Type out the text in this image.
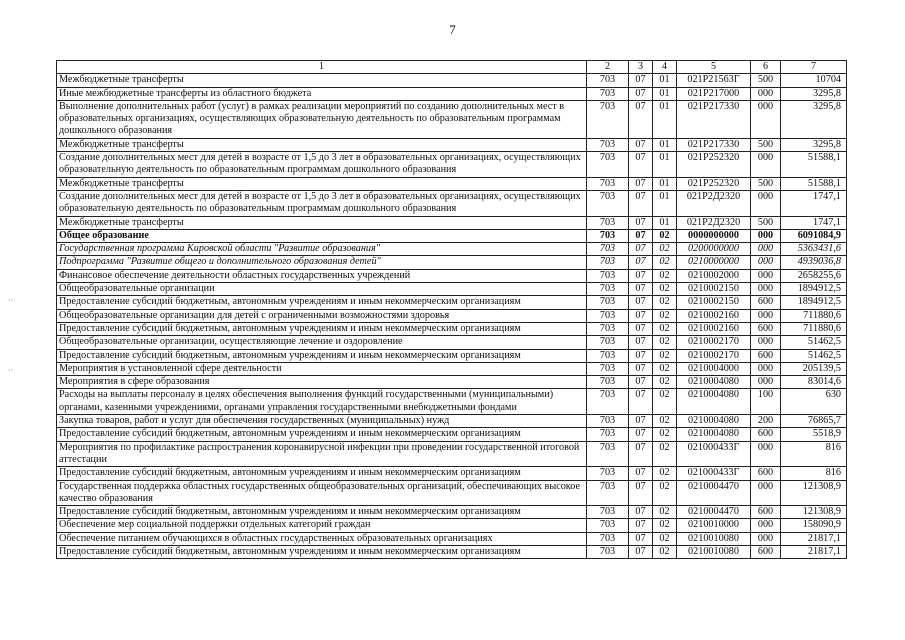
7
··
··
1	2	3	4	5	6	7
Межбюджетные трансферты	703	07	01	021P21563Г	500	10704
Иные межбюджетные трансферты из областного бюджета	703	07	01	021P217000	000	3295,8
Выполнение дополнительных работ (услуг) в рамках реализации мероприятий по созданию дополнительных мест в образовательных организациях, осуществляющих образовательную деятельность по образовательным программам дошкольного образования	703	07	01	021P217330	000	3295,8
Межбюджетные трансферты	703	07	01	021P217330	500	3295,8
Создание дополнительных мест для детей в возрасте от 1,5 до 3 лет в образовательных организациях, осуществляющих образовательную деятельность по образовательным программам дошкольного образования	703	07	01	021P252320	000	51588,1
Межбюджетные трансферты	703	07	01	021P252320	500	51588,1
Создание дополнительных мест для детей в возрасте от 1,5 до 3 лет в образовательных организациях, осуществляющих образовательную деятельность по образовательным программам дошкольного образования	703	07	01	021P2Д2320	000	1747,1
Межбюджетные трансферты	703	07	01	021P2Д2320	500	1747,1
Общее образование	703	07	02	0000000000	000	6091084,9
Государственная программа Кировской области "Развитие образования"	703	07	02	0200000000	000	5363431,6
Подпрограмма "Развитие общего и дополнительного образования детей"	703	07	02	0210000000	000	4939036,8
Финансовое обеспечение деятельности областных государственных учреждений	703	07	02	0210002000	000	2658255,6
Общеобразовательные организации	703	07	02	0210002150	000	1894912,5
Предоставление субсидий бюджетным, автономным учреждениям и иным некоммерческим организациям	703	07	02	0210002150	600	1894912,5
Общеобразовательные организации для детей с ограниченными возможностями здоровья	703	07	02	0210002160	000	711880,6
Предоставление субсидий бюджетным, автономным учреждениям и иным некоммерческим организациям	703	07	02	0210002160	600	711880,6
Общеобразовательные организации, осуществляющие лечение и оздоровление	703	07	02	0210002170	000	51462,5
Предоставление субсидий бюджетным, автономным учреждениям и иным некоммерческим организациям	703	07	02	0210002170	600	51462,5
Мероприятия в установленной сфере деятельности	703	07	02	0210004000	000	205139,5
Мероприятия в сфере образования	703	07	02	0210004080	000	83014,6
Расходы на выплаты персоналу в целях обеспечения выполнения функций государственными (муниципальными) органами, казенными учреждениями, органами управления государственными внебюджетными фондами	703	07	02	0210004080	100	630
Закупка товаров, работ и услуг для обеспечения государственных (муниципальных) нужд	703	07	02	0210004080	200	76865,7
Предоставление субсидий бюджетным, автономным учреждениям и иным некоммерческим организациям	703	07	02	0210004080	600	5518,9
Мероприятия по профилактике распространения коронавирусной инфекции при проведении государственной итоговой аттестации	703	07	02	021000433Г	000	816
Предоставление субсидий бюджетным, автономным учреждениям и иным некоммерческим организациям	703	07	02	021000433Г	600	816
Государственная поддержка областных государственных общеобразовательных организаций, обеспечивающих высокое качество образования	703	07	02	0210004470	000	121308,9
Предоставление субсидий бюджетным, автономным учреждениям и иным некоммерческим организациям	703	07	02	0210004470	600	121308,9
Обеспечение мер социальной поддержки отдельных категорий граждан	703	07	02	0210010000	000	158090,9
Обеспечение питанием обучающихся в областных государственных образовательных организациях	703	07	02	0210010080	000	21817,1
Предоставление субсидий бюджетным, автономным учреждениям и иным некоммерческим организациям	703	07	02	0210010080	600	21817,1
